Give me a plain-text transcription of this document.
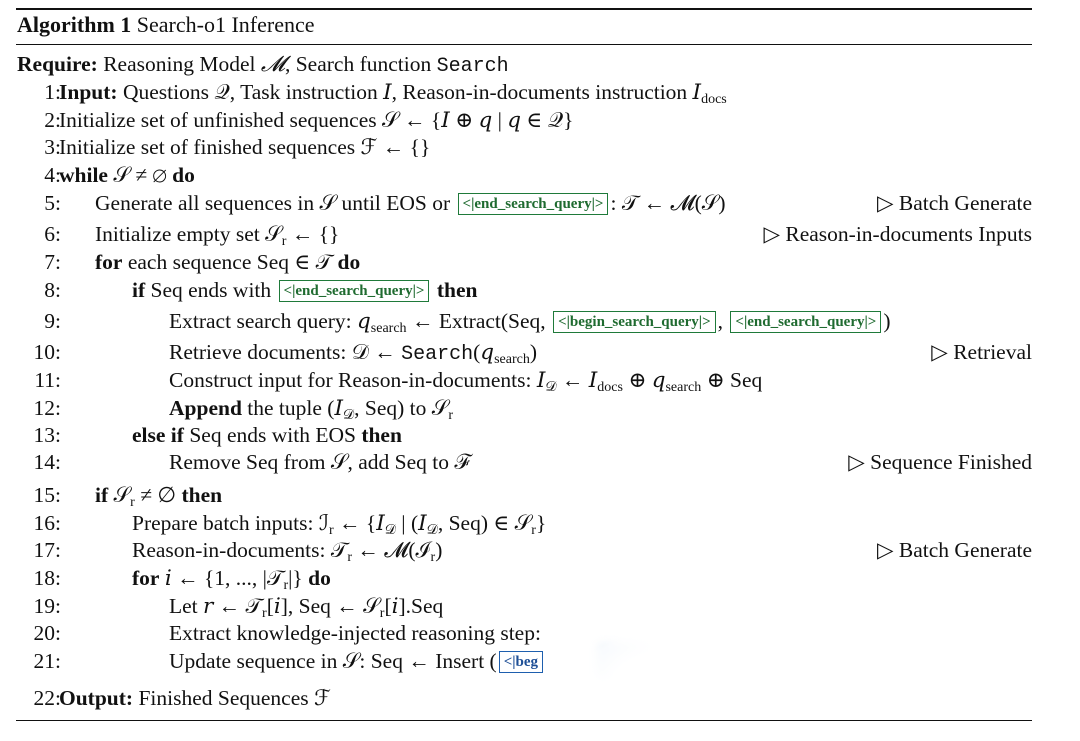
Algorithm 1 Search-o1 Inference
Require: Reasoning Model 𝓜, Search function Search
1:
Input: Questions 𝒬, Task instruction 𝐼, Reason-in-documents instruction 𝐼$_{docs}$
2:
Initialize set of unfinished sequences 𝒮 ← {𝐼 ⊕ 𝑞 | 𝑞 ∈ 𝒬}
3:
Initialize set of finished sequences ℱ ← {}
4:
while 𝒮 ≠ ∅ do
5: Generate all sequences in 𝒮 until EOS or <|end_search_query|> : 𝒯 ← 𝓜(𝒮)	▷ Batch Generate
6: Initialize empty set 𝒮$_r$ ← {}	▷ Reason-in-documents Inputs
7: for each sequence Seq ∈ 𝒯 do
8:	if Seq ends with <|end_search_query|> then
9:	Extract search query: 𝑞$_{search}$ ← Extract(Seq, <|begin_search_query|> , <|end_search_query|> )
10:	Retrieve documents: 𝒟 ← Search(𝑞$_{search}$)	▷ Retrieval
11:	Construct input for Reason-in-documents: 𝐼$_𝒟$ ← 𝐼$_{docs}$ ⊕ 𝑞$_{search}$ ⊕ Seq
12:	Append the tuple (𝐼$_𝒟$, Seq) to 𝒮$_r$
13:	else if Seq ends with EOS then
14:	Remove Seq from 𝒮, add Seq to ℱ	▷ Sequence Finished
15: if 𝒮$_r$ ≠ ∅ then
16:	Prepare batch inputs: ℐ$_r$ ← {𝐼$_𝒟$ | (𝐼$_𝒟$, Seq) ∈ 𝒮$_r$}
17:	Reason-in-documents: 𝒯$_r$ ← 𝓜(ℐ$_r$)	▷ Batch Generate
18:	for 𝑖 ← {1, ..., |𝒯$_r$|} do
19:	Let 𝑟 ← 𝒯$_r$[𝑖], Seq ← 𝒮$_r$[𝑖].Seq
20:	Extract knowledge-injected reasoning step:
21:	Update sequence in 𝒮: Seq ← Insert ( <|beg
22:
Output: Finished Sequences ℱ
